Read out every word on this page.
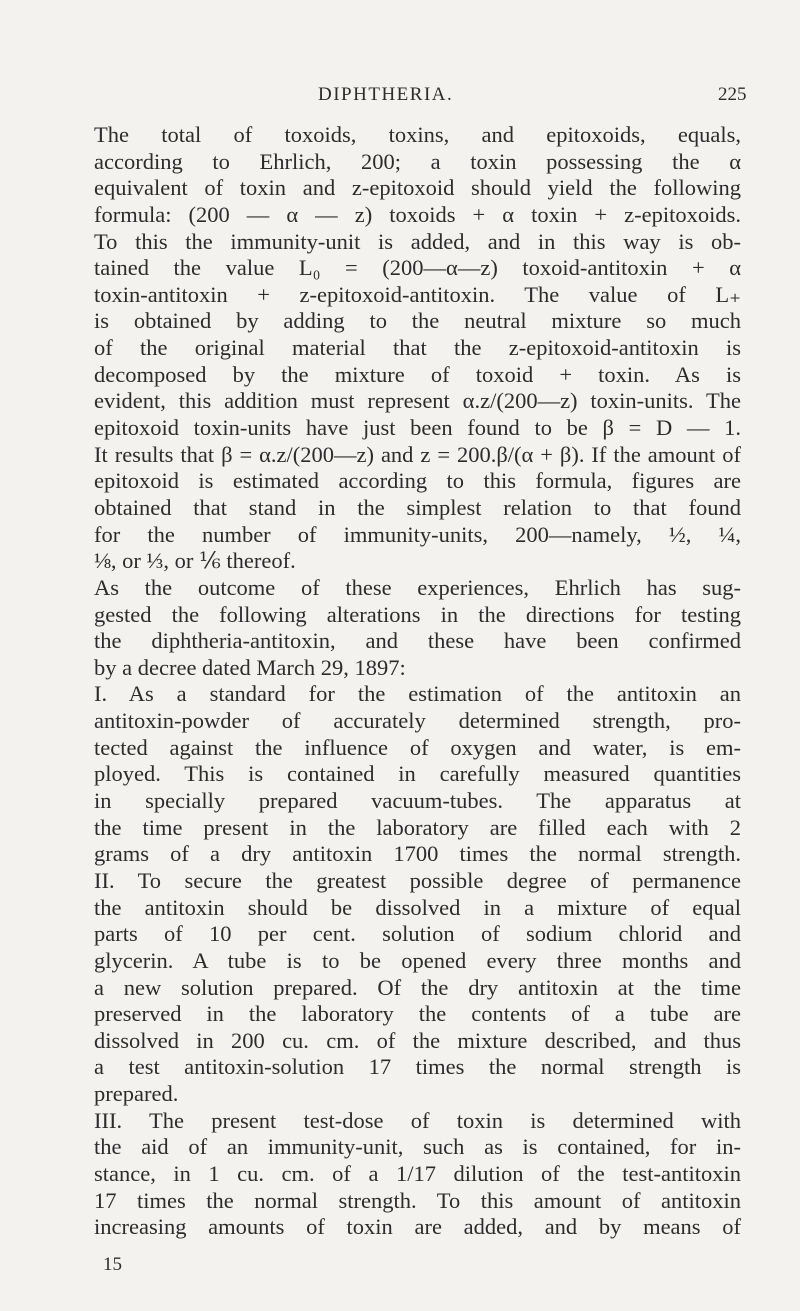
DIPHTHERIA.	225
The total of toxoids, toxins, and epitoxoids, equals,
according to Ehrlich, 200; a toxin possessing the α
equivalent of toxin and z-epitoxoid should yield the following
formula: (200 — α — z) toxoids + α toxin + z-epitoxoids.
To this the immunity-unit is added, and in this way is ob-
tained the value L₀ = (200—α—z) toxoid-antitoxin + α
toxin-antitoxin + z-epitoxoid-antitoxin. The value of L₊
is obtained by adding to the neutral mixture so much
of the original material that the z-epitoxoid-antitoxin is
decomposed by the mixture of toxoid + toxin. As is
evident, this addition must represent α.z/(200—z) toxin-units. The
epitoxoid toxin-units have just been found to be β = D — 1.
It results that β = α.z/(200—z) and z = 200.β/(α + β). If the amount of
epitoxoid is estimated according to this formula, figures are
obtained that stand in the simplest relation to that found
for the number of immunity-units, 200—namely, ½, ¼,
⅛, or ⅓, or ⅙ thereof.
As the outcome of these experiences, Ehrlich has sug-
gested the following alterations in the directions for testing
the diphtheria-antitoxin, and these have been confirmed
by a decree dated March 29, 1897:
I. As a standard for the estimation of the antitoxin an
antitoxin-powder of accurately determined strength, pro-
tected against the influence of oxygen and water, is em-
ployed. This is contained in carefully measured quantities
in specially prepared vacuum-tubes. The apparatus at
the time present in the laboratory are filled each with 2
grams of a dry antitoxin 1700 times the normal strength.
II. To secure the greatest possible degree of permanence
the antitoxin should be dissolved in a mixture of equal
parts of 10 per cent. solution of sodium chlorid and
glycerin. A tube is to be opened every three months and
a new solution prepared. Of the dry antitoxin at the time
preserved in the laboratory the contents of a tube are
dissolved in 200 cu. cm. of the mixture described, and thus
a test antitoxin-solution 17 times the normal strength is
prepared.
III. The present test-dose of toxin is determined with
the aid of an immunity-unit, such as is contained, for in-
stance, in 1 cu. cm. of a 1/17 dilution of the test-antitoxin
17 times the normal strength. To this amount of antitoxin
increasing amounts of toxin are added, and by means of
15
